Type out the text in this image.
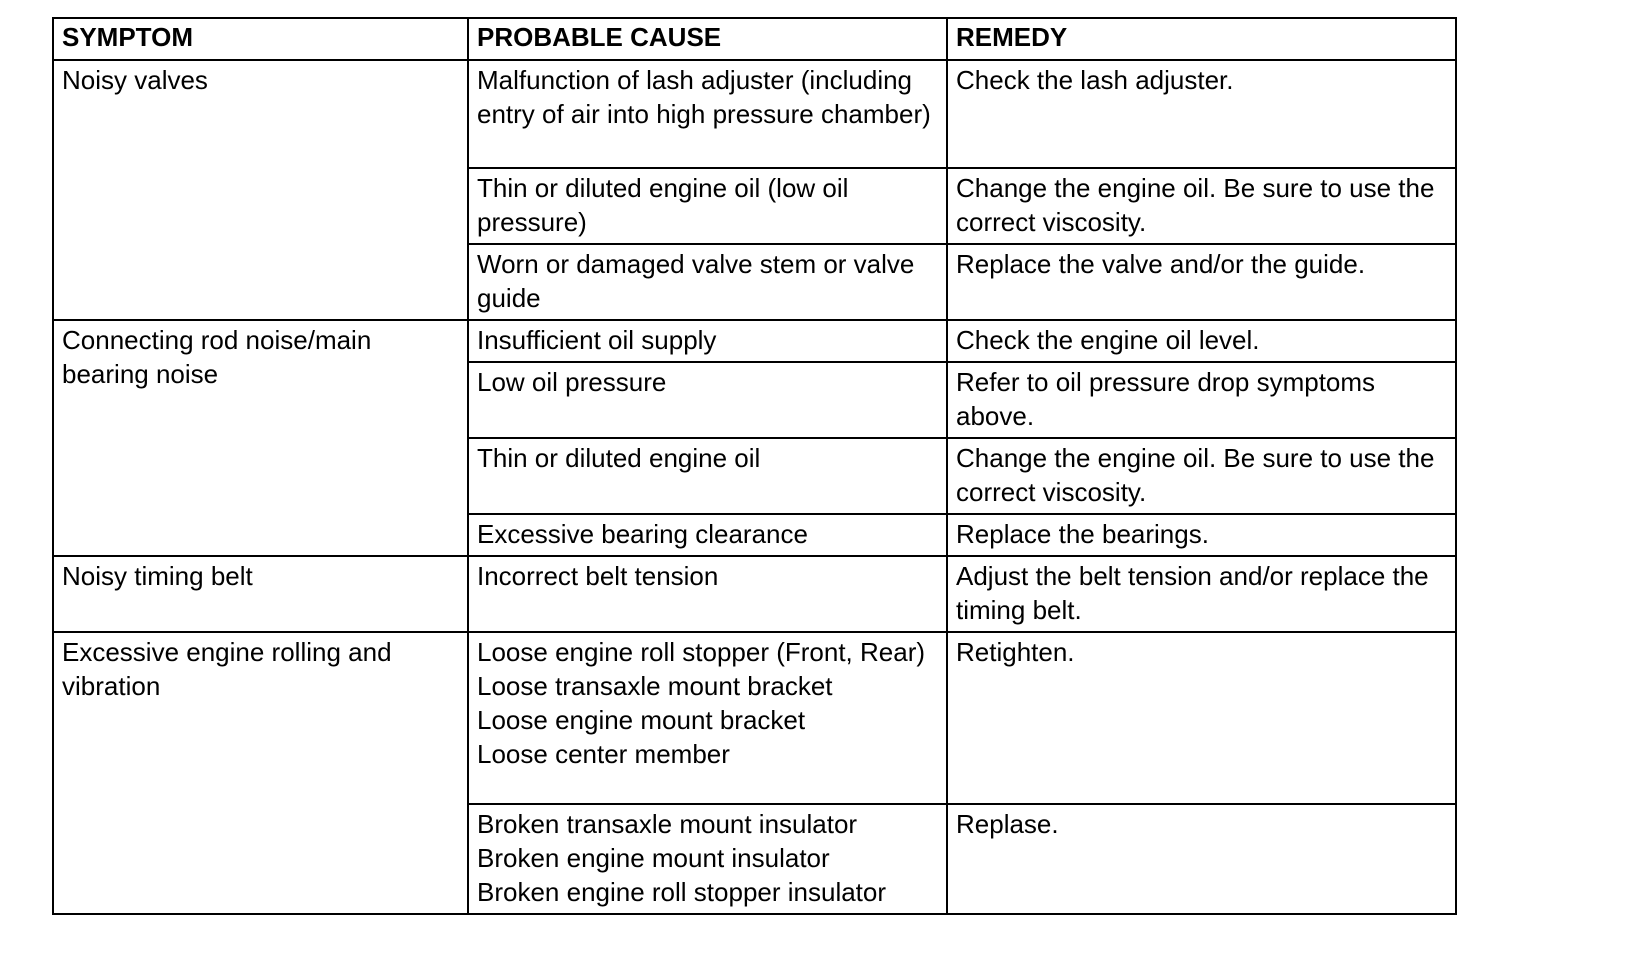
SYMPTOM	PROBABLE CAUSE	REMEDY
Noisy valves	Malfunction of lash adjuster (including entry of air into high pressure chamber)	Check the lash adjuster.

	Thin or diluted engine oil (low oil pressure)	Change the engine oil. Be sure to use the correct viscosity.

	Worn or damaged valve stem or valve guide	Replace the valve and/or the guide.
Connecting rod noise/main bearing noise	Insufficient oil supply	Check the engine oil level.

	Low oil pressure	Refer to oil pressure drop symptoms above.

	Thin or diluted engine oil	Change the engine oil. Be sure to use the correct viscosity.

	Excessive bearing clearance	Replace the bearings.
Noisy timing belt	Incorrect belt tension	Adjust the belt tension and/or replace the timing belt.
Excessive engine rolling and vibration	Loose engine roll stopper (Front, Rear)
Loose transaxle mount bracket
Loose engine mount bracket
Loose center member	Retighten.

	Broken transaxle mount insulator
Broken engine mount insulator
Broken engine roll stopper insulator	Replase.
